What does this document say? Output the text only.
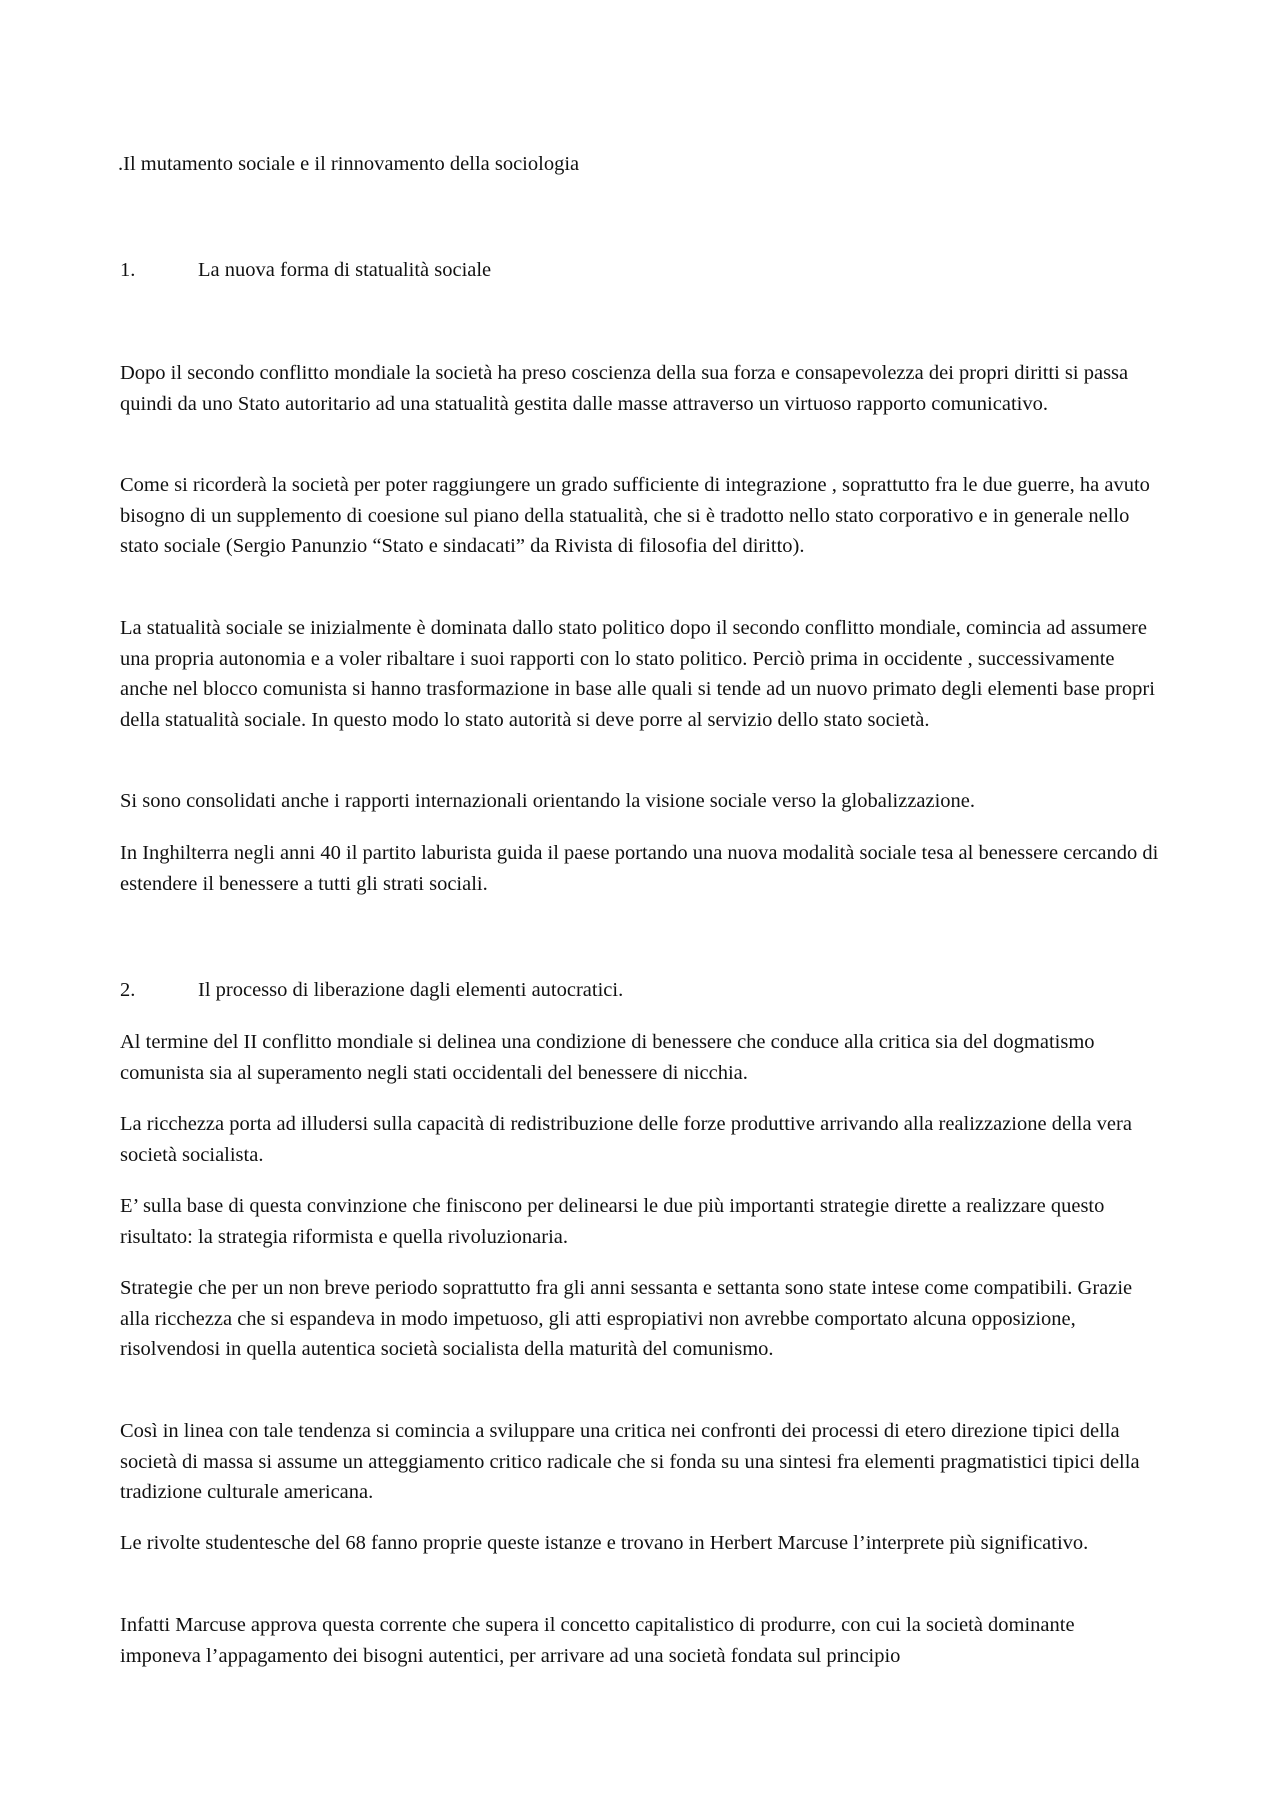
.Il mutamento sociale e il rinnovamento della sociologia
1.	La nuova forma di statualità sociale

Dopo il secondo conflitto mondiale la società ha preso coscienza della sua forza e consapevolezza dei propri diritti si passa quindi da uno Stato autoritario ad una statualità gestita dalle masse attraverso un virtuoso rapporto comunicativo.

Come si ricorderà la società per poter raggiungere un grado sufficiente di integrazione , soprattutto fra le due guerre, ha avuto bisogno di un supplemento di coesione sul piano della statualità, che si è tradotto nello stato corporativo e in generale nello stato sociale (Sergio Panunzio “Stato e sindacati” da Rivista di filosofia del diritto).

La statualità sociale se inizialmente è dominata dallo stato politico dopo il secondo conflitto mondiale, comincia ad assumere una propria autonomia e a voler ribaltare i suoi rapporti con lo stato politico. Perciò prima in occidente , successivamente anche nel blocco comunista si hanno trasformazione in base alle quali si tende ad un nuovo primato degli elementi base propri della statualità sociale. In questo modo lo stato autorità si deve porre al servizio dello stato società.

Si sono consolidati anche i rapporti internazionali orientando la visione sociale verso la globalizzazione.

In Inghilterra negli anni 40 il partito laburista guida il paese portando una nuova modalità sociale tesa al benessere cercando di estendere il benessere a tutti gli strati sociali.

2.	Il processo di liberazione dagli elementi autocratici.

Al termine del II conflitto mondiale si delinea una condizione di benessere che conduce alla critica sia del dogmatismo comunista sia al superamento negli stati occidentali del benessere di nicchia.

La ricchezza porta ad illudersi sulla capacità di redistribuzione delle forze produttive arrivando alla realizzazione della vera società socialista.

E’ sulla base di questa convinzione che finiscono per delinearsi le due più importanti strategie dirette a realizzare questo risultato: la strategia riformista e quella rivoluzionaria.

Strategie che per un non breve periodo soprattutto fra gli anni sessanta e settanta sono state intese come compatibili. Grazie alla ricchezza che si espandeva in modo impetuoso, gli atti espropiativi non avrebbe comportato alcuna opposizione, risolvendosi in quella autentica società socialista della maturità del comunismo.

Così in linea con tale tendenza si comincia a sviluppare una critica nei confronti dei processi di etero direzione tipici della società di massa si assume un atteggiamento critico radicale che si fonda su una sintesi fra elementi pragmatistici tipici della tradizione culturale americana.

Le rivolte studentesche del 68 fanno proprie queste istanze e trovano in Herbert Marcuse l’interprete più significativo.

Infatti Marcuse approva questa corrente che supera il concetto capitalistico di produrre, con cui la società dominante imponeva l’appagamento dei bisogni autentici, per arrivare ad una società fondata sul principio
